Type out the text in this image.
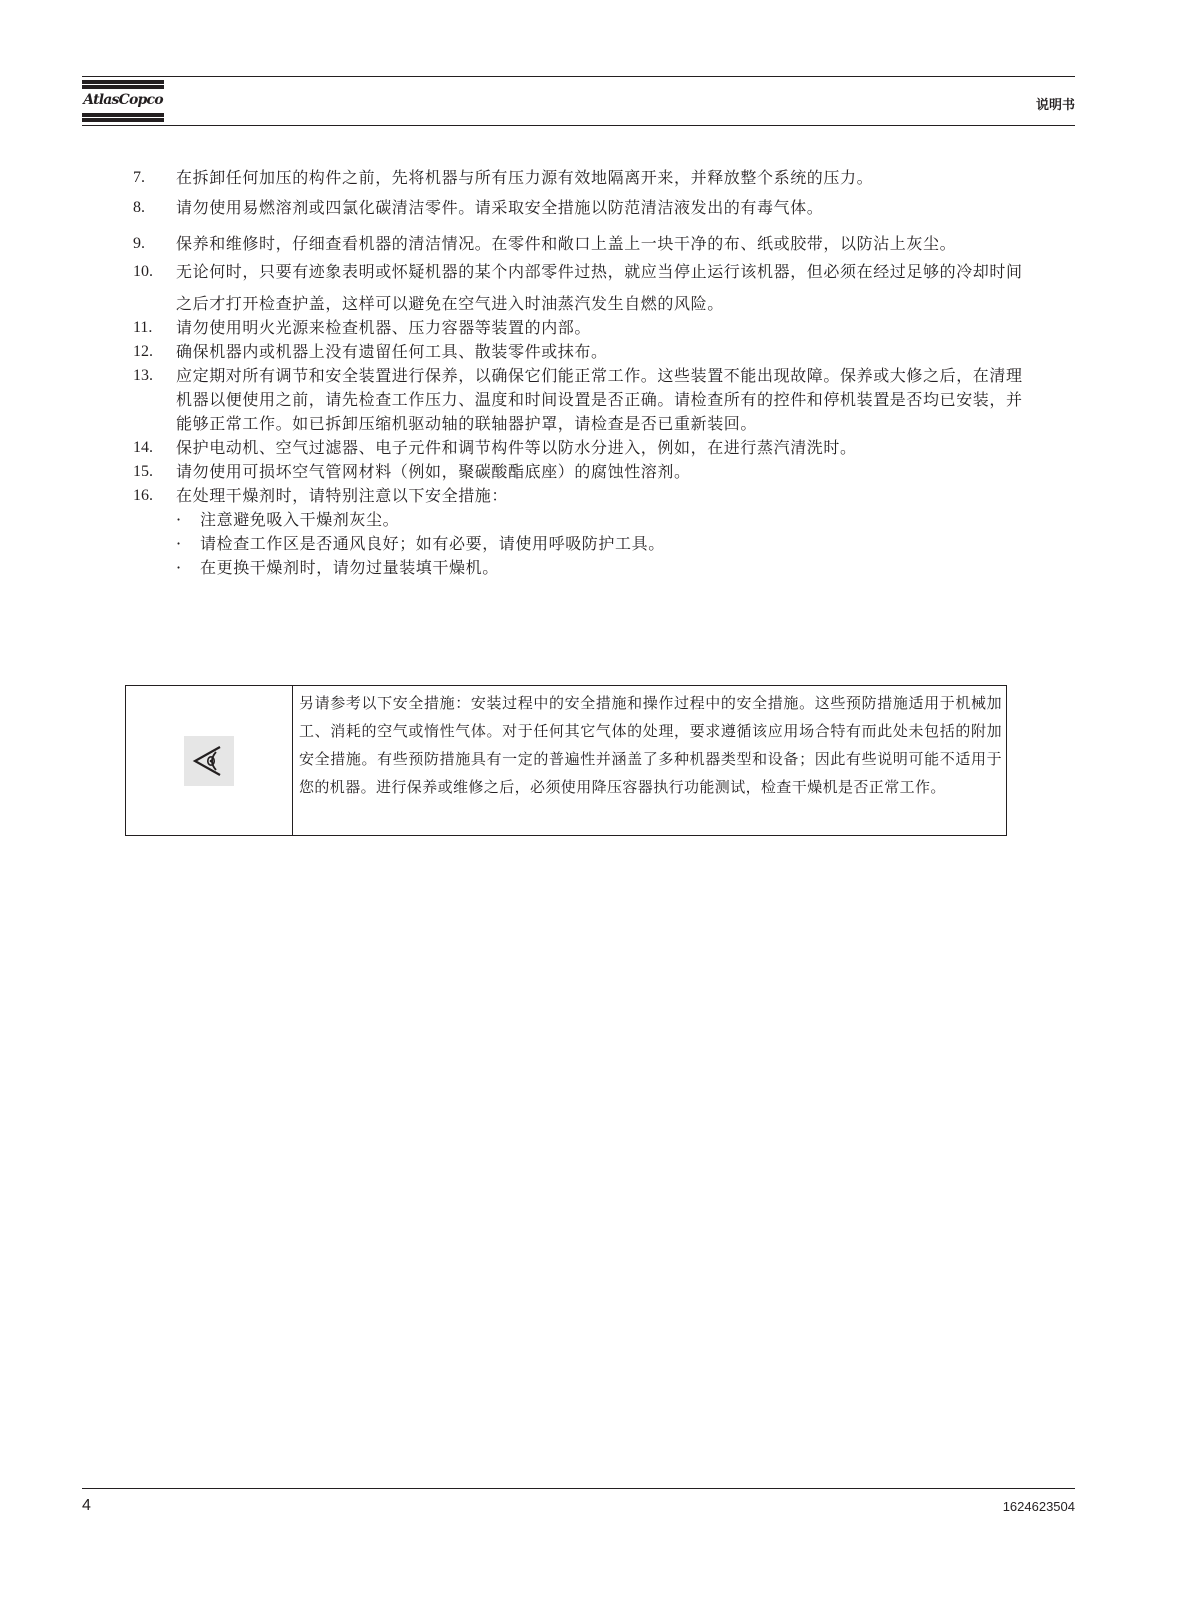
AtlasCopco	说明书
7.	在拆卸任何加压的构件之前，先将机器与所有压力源有效地隔离开来，并释放整个系统的压力。
8.	请勿使用易燃溶剂或四氯化碳清洁零件。请采取安全措施以防范清洁液发出的有毒气体。
9.	保养和维修时，仔细查看机器的清洁情况。在零件和敞口上盖上一块干净的布、纸或胶带，以防沾上灰尘。
10.	无论何时，只要有迹象表明或怀疑机器的某个内部零件过热，就应当停止运行该机器，但必须在经过足够的冷却时间之后才打开检查护盖，这样可以避免在空气进入时油蒸汽发生自燃的风险。
11.	请勿使用明火光源来检查机器、压力容器等装置的内部。
12.	确保机器内或机器上没有遗留任何工具、散装零件或抹布。
13.	应定期对所有调节和安全装置进行保养，以确保它们能正常工作。这些装置不能出现故障。保养或大修之后，在清理机器以便使用之前，请先检查工作压力、温度和时间设置是否正确。请检查所有的控件和停机装置是否均已安装，并能够正常工作。如已拆卸压缩机驱动轴的联轴器护罩，请检查是否已重新装回。
14.	保护电动机、空气过滤器、电子元件和调节构件等以防水分进入，例如，在进行蒸汽清洗时。
15.	请勿使用可损坏空气管网材料（例如，聚碳酸酯底座）的腐蚀性溶剂。
16.	在处理干燥剂时，请特别注意以下安全措施：
·	注意避免吸入干燥剂灰尘。
·	请检查工作区是否通风良好；如有必要，请使用呼吸防护工具。
·	在更换干燥剂时，请勿过量装填干燥机。
另请参考以下安全措施：安装过程中的安全措施和操作过程中的安全措施。这些预防措施适用于机械加工、消耗的空气或惰性气体。对于任何其它气体的处理，要求遵循该应用场合特有而此处未包括的附加安全措施。有些预防措施具有一定的普遍性并涵盖了多种机器类型和设备；因此有些说明可能不适用于您的机器。进行保养或维修之后，必须使用降压容器执行功能测试，检查干燥机是否正常工作。
4	1624623504
